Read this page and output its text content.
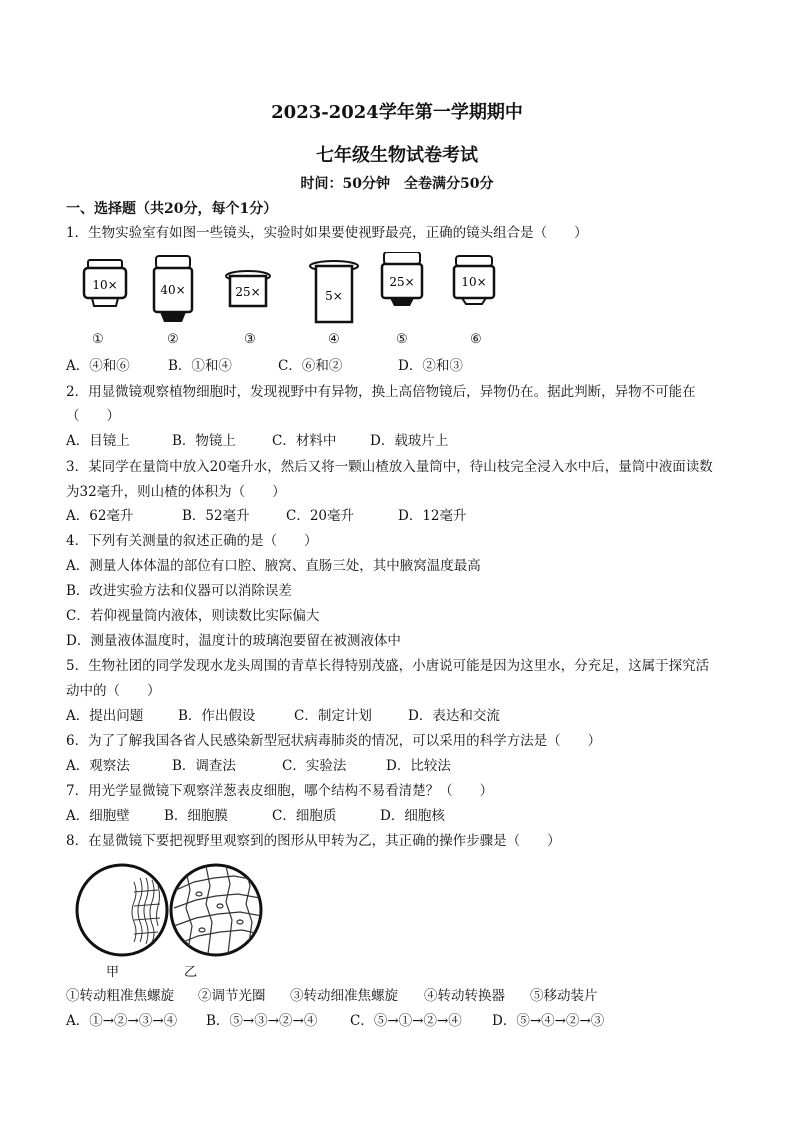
2023-2024学年第一学期期中
七年级生物试卷考试
时间：50分钟　全卷满分50分
一、选择题（共20分，每个1分）
1．生物实验室有如图一些镜头，实验时如果要使视野最亮，正确的镜头组合是（　　）
10×	40×	25×	5×
25×	10×
①	②	③	④	⑤	⑥
A．④和⑥	B．①和④	C．⑥和②	D．②和③
2．用显微镜观察植物细胞时，发现视野中有异物，换上高倍物镜后，异物仍在。据此判断，异物不可能在
（　　）
A．目镜上	B．物镜上	C．材料中 D．载玻片上
3．某同学在量筒中放入20毫升水，然后又将一颗山楂放入量筒中，待山枝完全浸入水中后，量筒中液面读数
为32毫升，则山楂的体积为（　　）
A．62毫升	B．52毫升	C．20毫升	D．12毫升
4．下列有关测量的叙述正确的是（　　）
A．测量人体体温的部位有口腔、腋窝、直肠三处，其中腋窝温度最高
B．改进实验方法和仪器可以消除误差
C．若仰视量筒内液体，则读数比实际偏大
D．测量液体温度时，温度计的玻璃泡要留在被测液体中
5．生物社团的同学发现水龙头周围的青草长得特别茂盛，小唐说可能是因为这里水，分充足，这属于探究活
动中的（　　）
A．提出问题	B．作出假设	C．制定计划	D．表达和交流
6．为了了解我国各省人民感染新型冠状病毒肺炎的情况，可以采用的科学方法是（　　）
A．观察法	B．调查法	C．实验法	D．比较法
7．用光学显微镜下观察洋葱表皮细胞，哪个结构不易看清楚？（　　）
A．细胞壁	B．细胞膜	C．细胞质	D．细胞核
8．在显微镜下要把视野里观察到的图形从甲转为乙，其正确的操作步骤是（　　）
甲	乙
①转动粗准焦螺旋 ②调节光圈 ③转动细准焦螺旋 ④转动转换器 ⑤移动装片
A．①→②→③→④ B．⑤→③→②→④ C．⑤→①→②→④ D．⑤→④→②→③
